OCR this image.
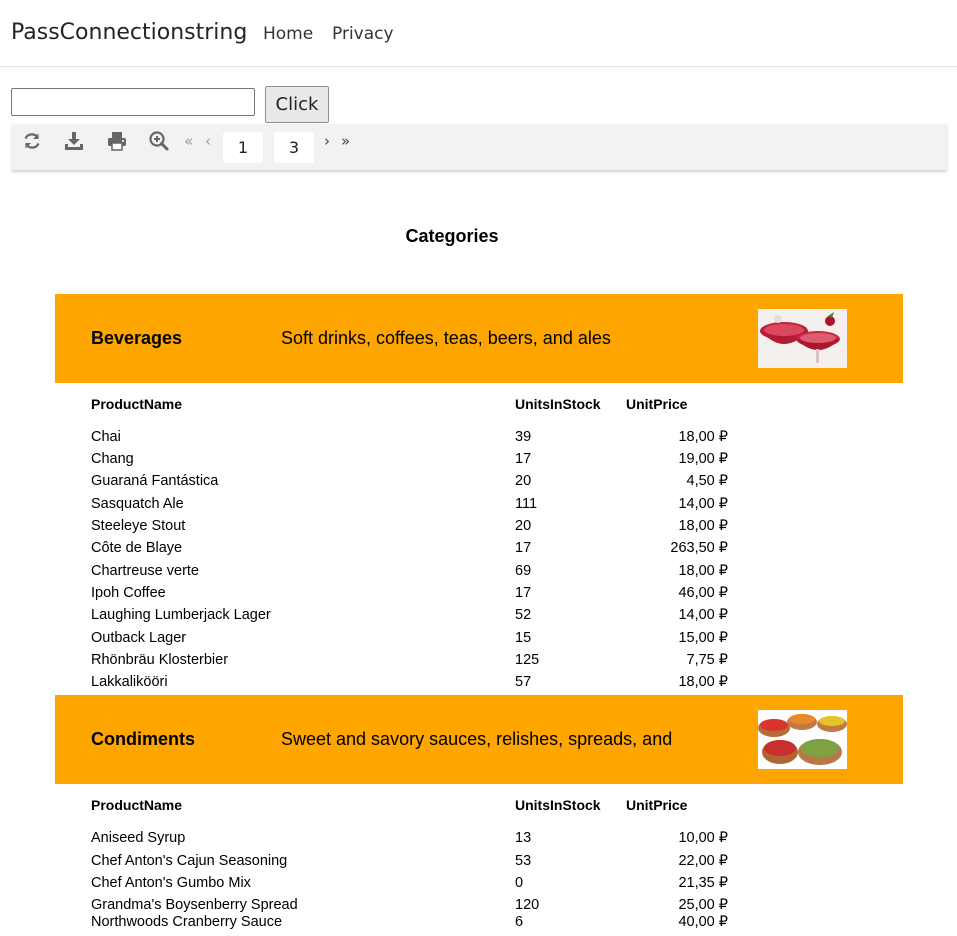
PassConnectionstring Home Privacy
Click
« ‹	1	3	› »
Categories
Beverages	Soft drinks, coffees, teas, beers, and ales
ProductName	UnitsInStock UnitPrice
Chai	39	18,00 ₽
Chang	17	19,00 ₽
Guaraná Fantástica	20	4,50 ₽
Sasquatch Ale	111	14,00 ₽
Steeleye Stout	20	18,00 ₽
Côte de Blaye	17	263,50 ₽
Chartreuse verte	69	18,00 ₽
Ipoh Coffee	17	46,00 ₽
Laughing Lumberjack Lager	52	14,00 ₽
Outback Lager	15	15,00 ₽
Rhönbräu Klosterbier	125	7,75 ₽
Lakkalikööri	57	18,00 ₽
Condiments	Sweet and savory sauces, relishes, spreads, and
ProductName	UnitsInStock UnitPrice
Aniseed Syrup	13	10,00 ₽
Chef Anton's Cajun Seasoning	53	22,00 ₽
Chef Anton's Gumbo Mix	0	21,35 ₽
Grandma's Boysenberry Spread	120	25,00 ₽
Northwoods Cranberry Sauce	6	40,00 ₽
